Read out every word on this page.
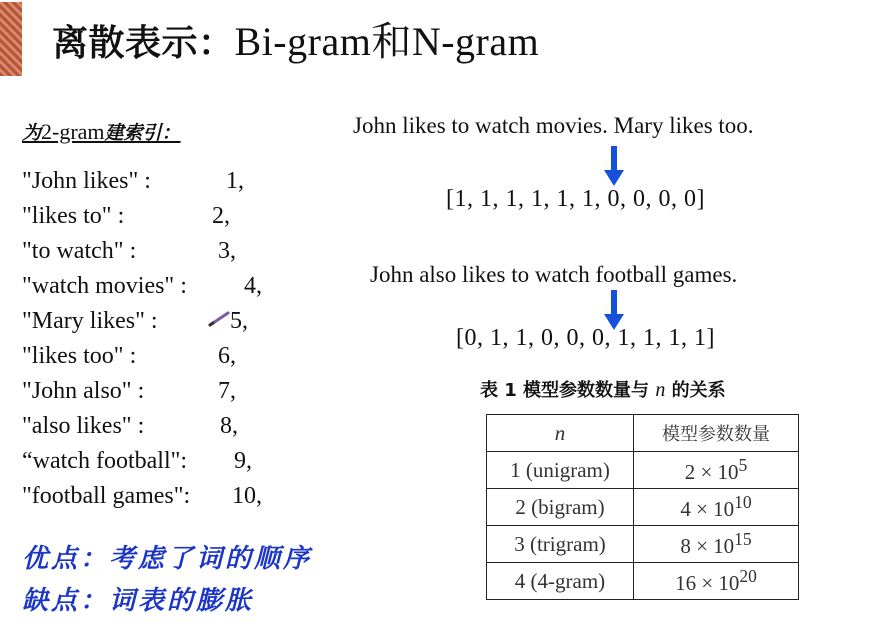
离散表示：Bi-gram和N-gram
为2-gram建索引：
"John likes" :	1,
"likes to" :	2,
"to watch" :	3,
"watch movies" : 4,
"Mary likes" :	5,
"likes too" :	6,
"John also" :	7,
"also likes" :	8,
“watch football": 9,
"football games": 10,
优点：考虑了词的顺序
缺点：词表的膨胀
John likes to watch movies. Mary likes too.
[1, 1, 1, 1, 1, 1, 0, 0, 0, 0]
John also likes to watch football games.
[0, 1, 1, 0, 0, 0, 1, 1, 1, 1]
表 1 模型参数数量与 n 的关系
n	模型参数数量
1 (unigram)	$2 \times 10^5$
2 (bigram)	$4 \times 10^{10}$
3 (trigram)	$8 \times 10^{15}$
4 (4-gram)	$16 \times 10^{20}$
